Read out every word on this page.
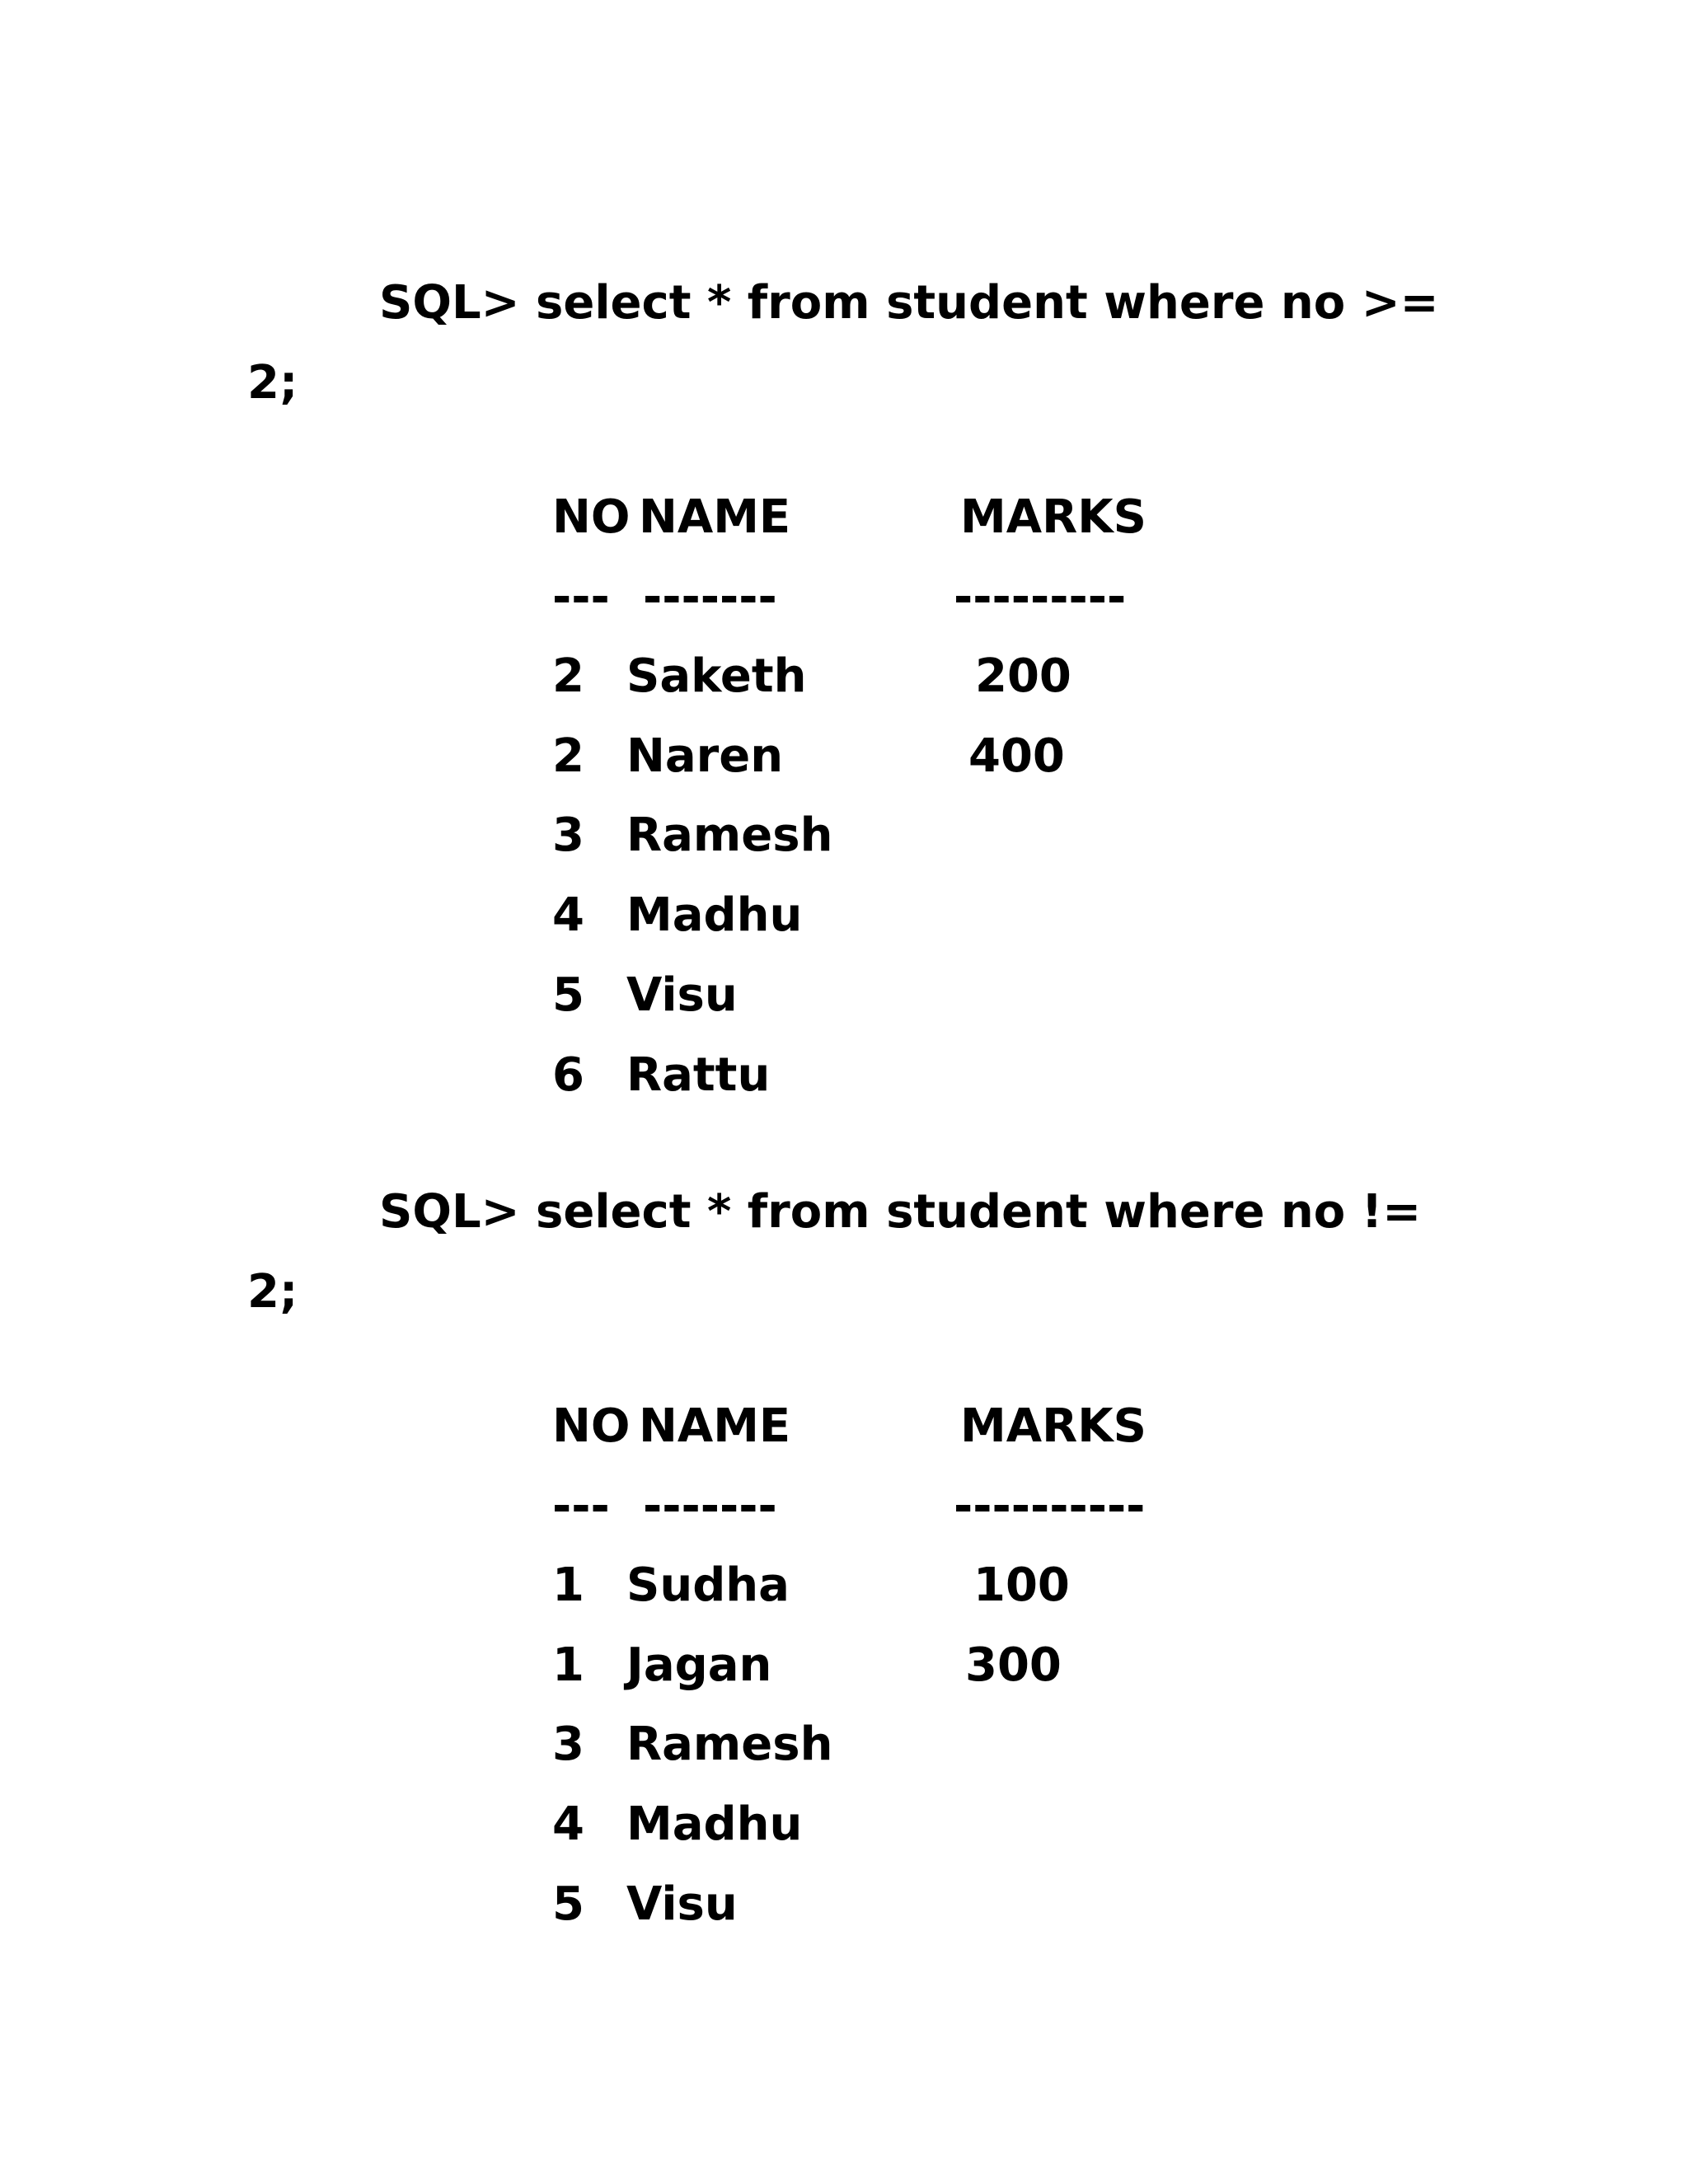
SQL> select * from student where no >=
2;
NO NAME	MARKS
--- -------	---------
2 Saketh	200
2 Naren	400
3 Ramesh
4 Madhu
5 Visu
6 Rattu
SQL> select * from student where no !=
2;
NO NAME	MARKS
--- -------	----------
1 Sudha	100
1 Jagan	300
3 Ramesh
4 Madhu
5 Visu
